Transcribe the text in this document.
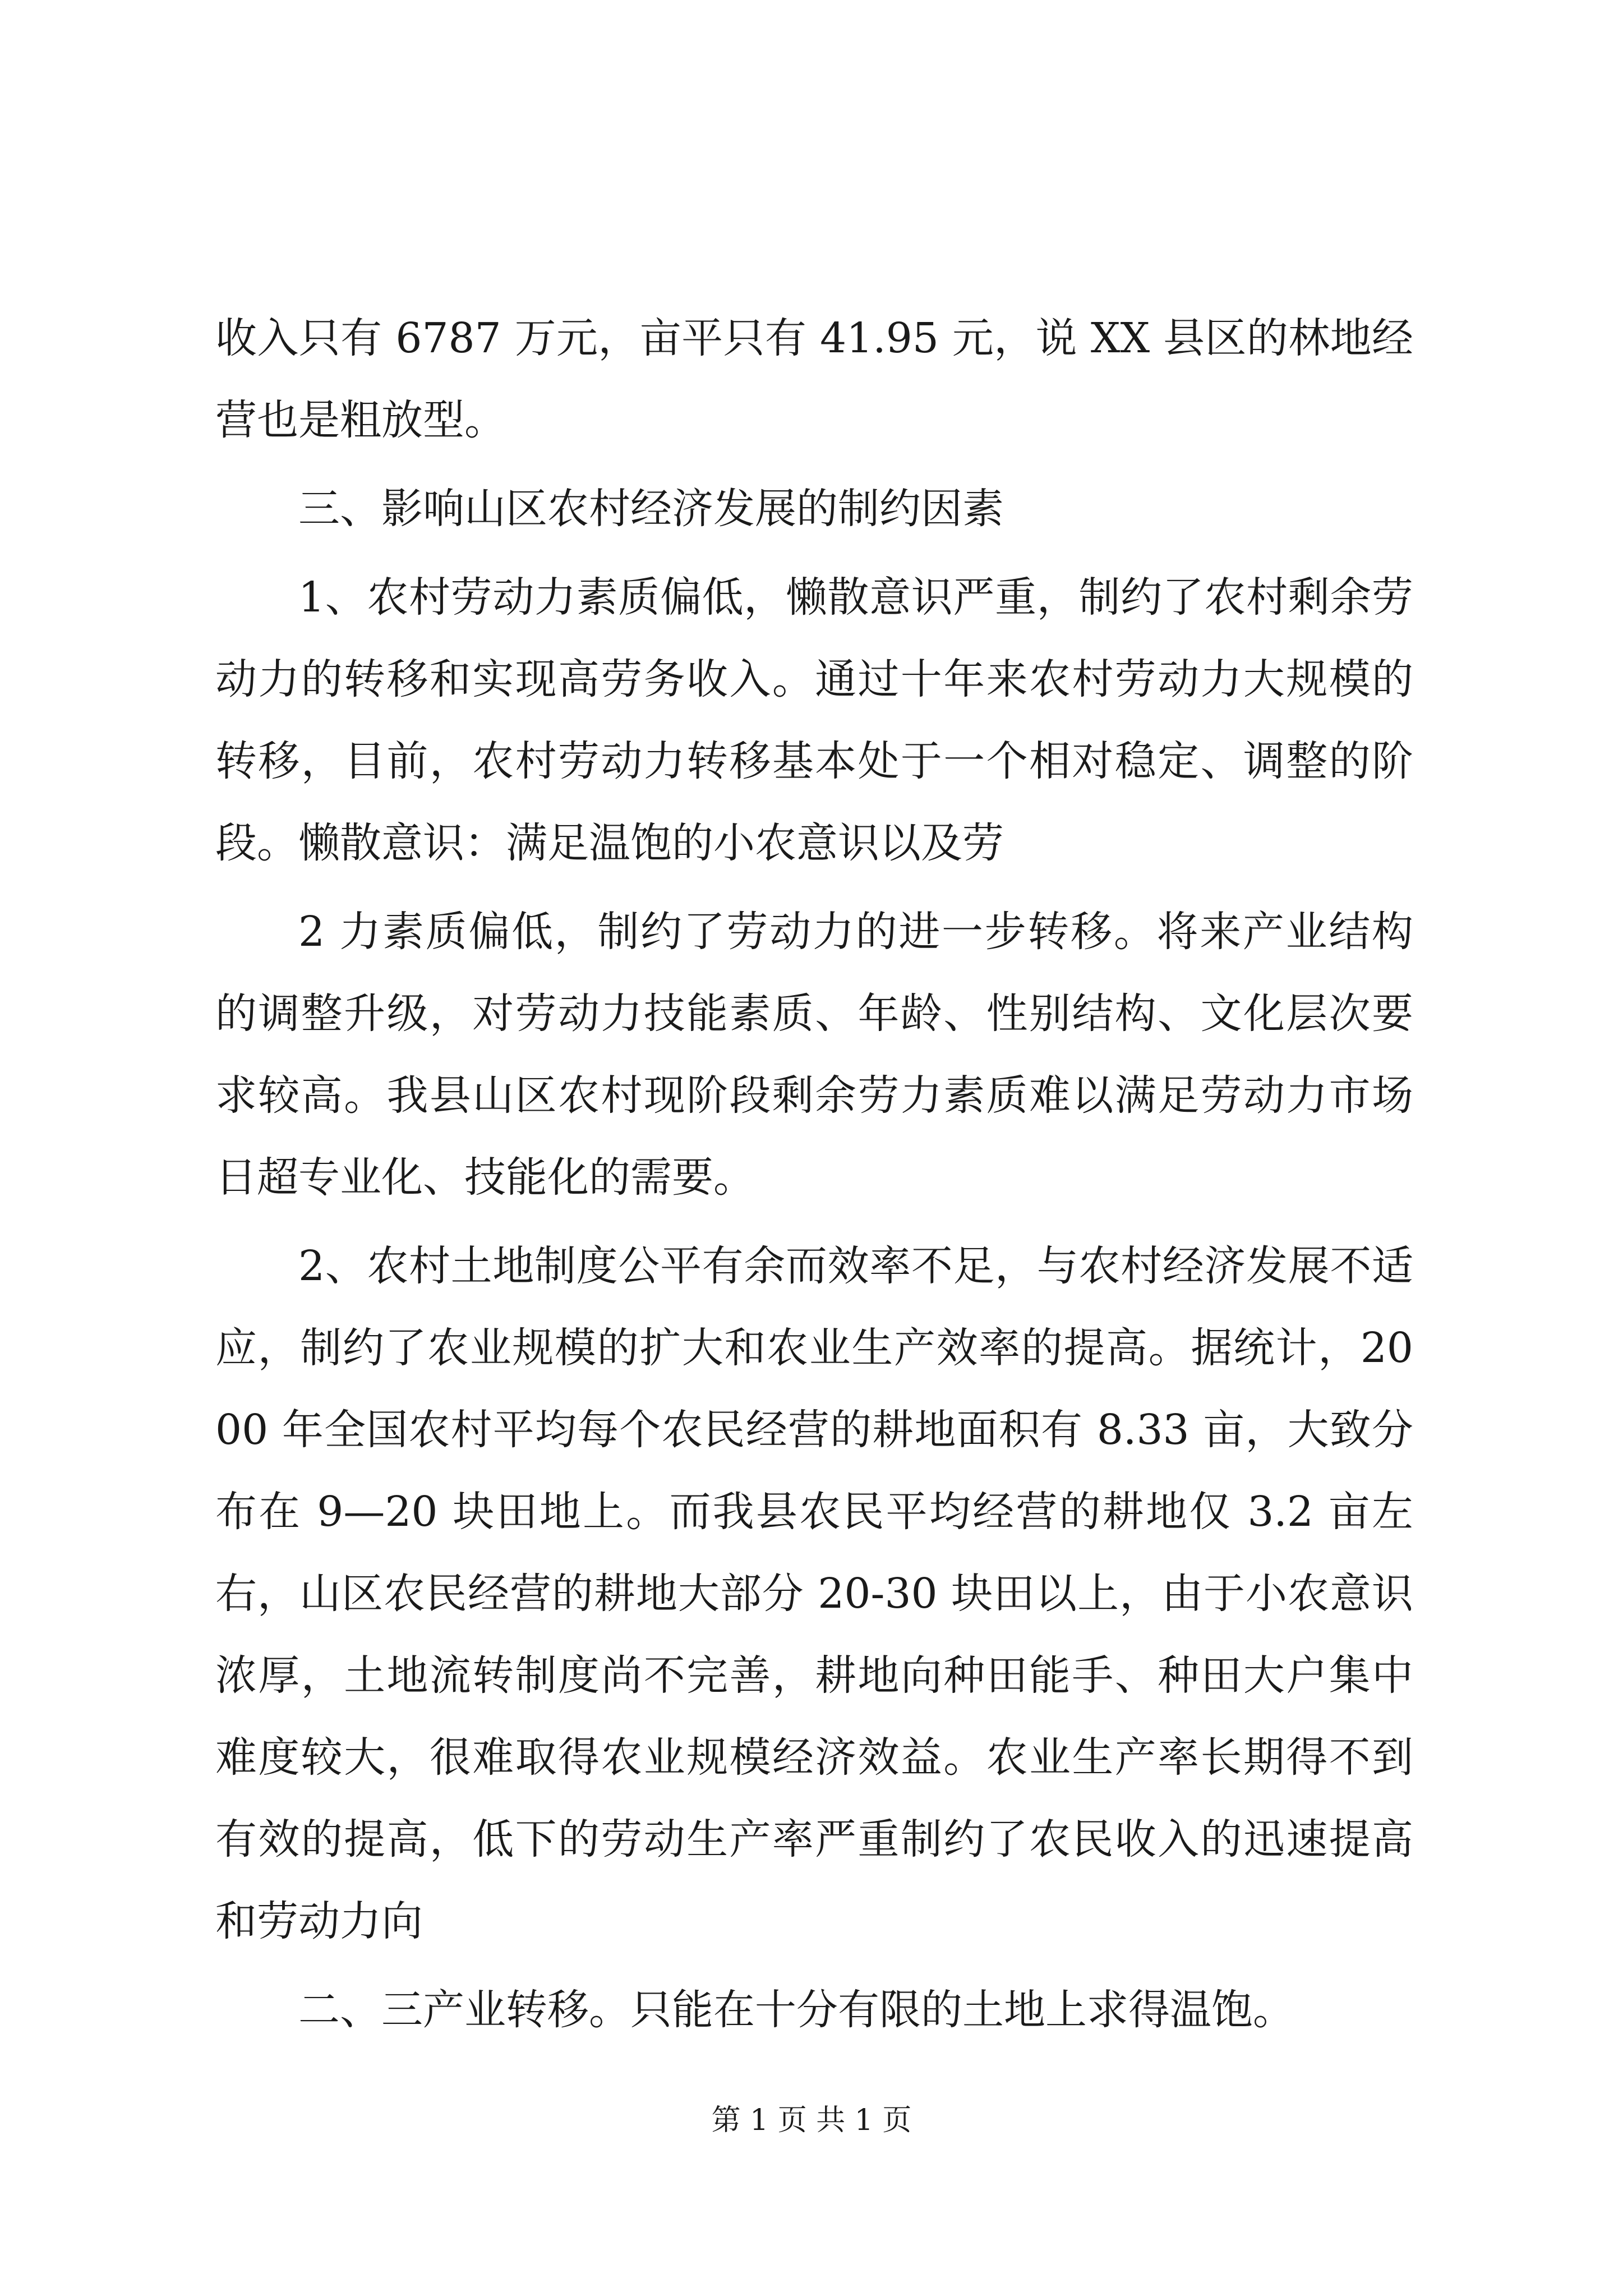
收入只有 6787 万元，亩平只有 41.95 元，说 XX 县区的林地经营也是粗放型。

三、影响山区农村经济发展的制约因素

1、农村劳动力素质偏低，懒散意识严重，制约了农村剩余劳动力的转移和实现高劳务收入。通过十年来农村劳动力大规模的转移，目前，农村劳动力转移基本处于一个相对稳定、调整的阶段。懒散意识：满足温饱的小农意识以及劳

2 力素质偏低，制约了劳动力的进一步转移。将来产业结构的调整升级，对劳动力技能素质、年龄、性别结构、文化层次要求较高。我县山区农村现阶段剩余劳力素质难以满足劳动力市场日超专业化、技能化的需要。

2、农村土地制度公平有余而效率不足，与农村经济发展不适应，制约了农业规模的扩大和农业生产效率的提高。据统计，2000 年全国农村平均每个农民经营的耕地面积有 8.33 亩，大致分布在 9—20 块田地上。而我县农民平均经营的耕地仅 3.2 亩左右，山区农民经营的耕地大部分 20-30 块田以上，由于小农意识浓厚，土地流转制度尚不完善，耕地向种田能手、种田大户集中难度较大，很难取得农业规模经济效益。农业生产率长期得不到有效的提高，低下的劳动生产率严重制约了农民收入的迅速提高和劳动力向

二、三产业转移。只能在十分有限的土地上求得温饱。

第 1 页 共 1 页
